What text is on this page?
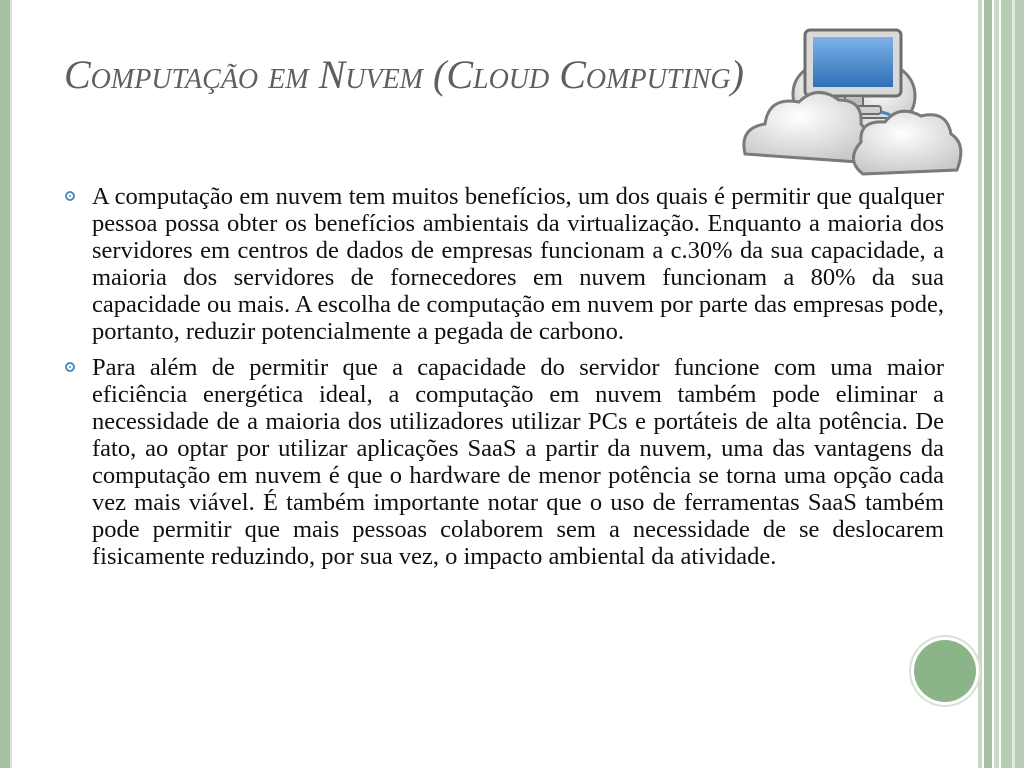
Computação em Nuvem (Cloud Computing)
A computação em nuvem tem muitos benefícios, um dos quais é permitir que qualquer pessoa possa obter os benefícios ambientais da virtualização. Enquanto a maioria dos servidores em centros de dados de empresas funcionam a c.30% da sua capacidade, a maioria dos servidores de fornecedores em nuvem funcionam a 80% da sua capacidade ou mais. A escolha de computação em nuvem por parte das empresas pode, portanto, reduzir potencialmente a pegada de carbono.
Para além de permitir que a capacidade do servidor funcione com uma maior eficiência energética ideal, a computação em nuvem também pode eliminar a necessidade de a maioria dos utilizadores utilizar PCs e portáteis de alta potência. De fato, ao optar por utilizar aplicações SaaS a partir da nuvem, uma das vantagens da computação em nuvem é que o hardware de menor potência se torna uma opção cada vez mais viável. É também importante notar que o uso de ferramentas SaaS também pode permitir que mais pessoas colaborem sem a necessidade de se deslocarem fisicamente reduzindo, por sua vez, o impacto ambiental da atividade.
